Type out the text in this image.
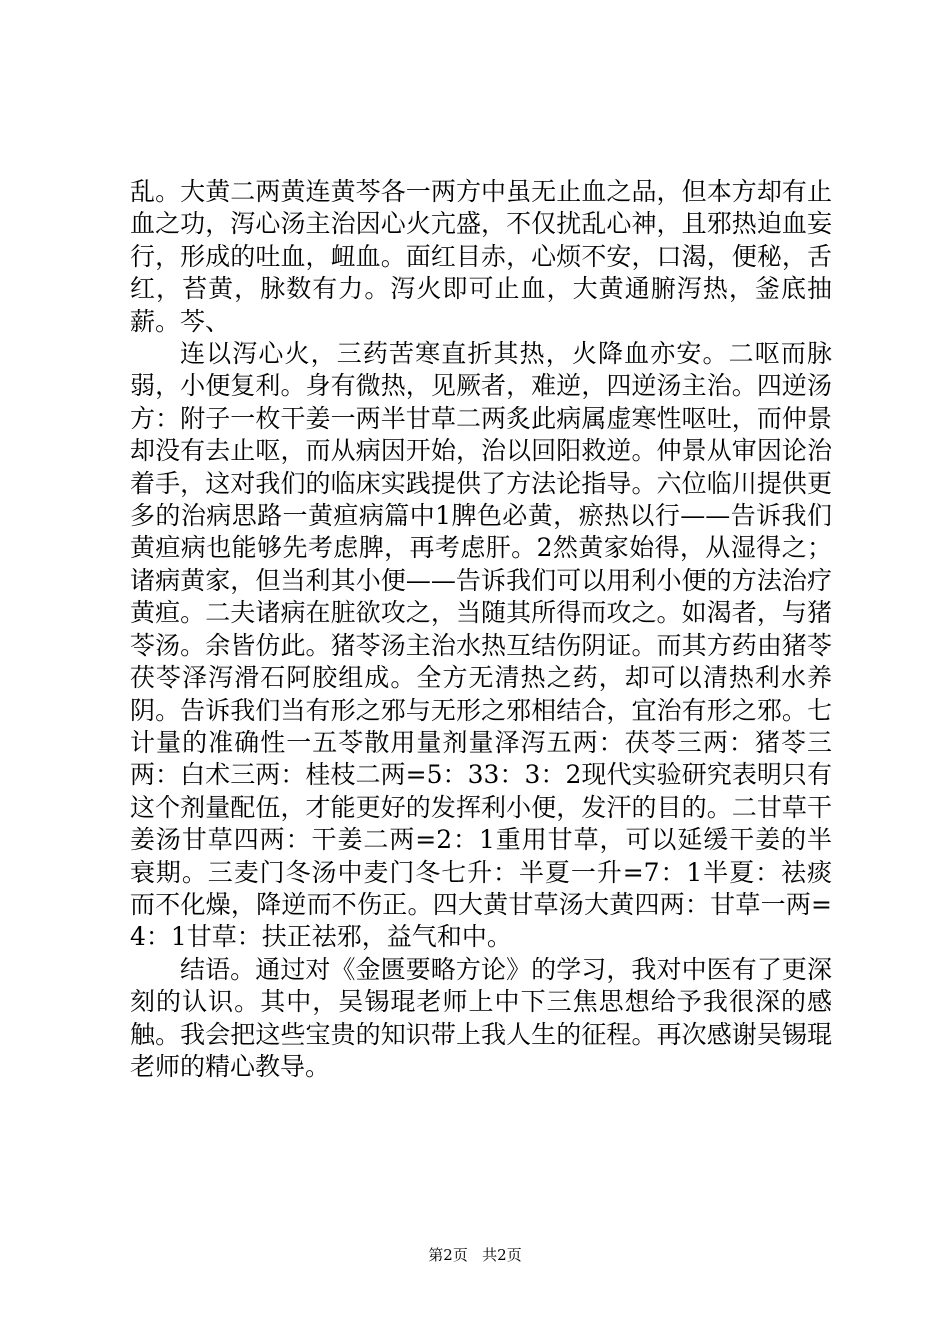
乱。大黄二两黄连黄芩各一两方中虽无止血之品，但本方却有止血之功，泻心汤主治因心火亢盛，不仅扰乱心神，且邪热迫血妄行，形成的吐血，衄血。面红目赤，心烦不安，口渴，便秘，舌红，苔黄，脉数有力。泻火即可止血，大黄通腑泻热，釜底抽薪。芩、

连以泻心火，三药苦寒直折其热，火降血亦安。二呕而脉弱，小便复利。身有微热，见厥者，难逆，四逆汤主治。四逆汤方：附子一枚干姜一两半甘草二两炙此病属虚寒性呕吐，而仲景却没有去止呕，而从病因开始，治以回阳救逆。仲景从审因论治着手，这对我们的临床实践提供了方法论指导。六位临川提供更多的治病思路一黄疸病篇中1脾色必黄，瘀热以行——告诉我们黄疸病也能够先考虑脾，再考虑肝。2然黄家始得，从湿得之；诸病黄家，但当利其小便——告诉我们可以用利小便的方法治疗黄疸。二夫诸病在脏欲攻之，当随其所得而攻之。如渴者，与猪苓汤。余皆仿此。猪苓汤主治水热互结伤阴证。而其方药由猪苓茯苓泽泻滑石阿胶组成。全方无清热之药，却可以清热利水养阴。告诉我们当有形之邪与无形之邪相结合，宜治有形之邪。七计量的准确性一五苓散用量剂量泽泻五两：茯苓三两：猪苓三两：白术三两：桂枝二两=5：33：3：2现代实验研究表明只有这个剂量配伍，才能更好的发挥利小便，发汗的目的。二甘草干姜汤甘草四两：干姜二两=2：1重用甘草，可以延缓干姜的半衰期。三麦门冬汤中麦门冬七升：半夏一升=7：1半夏：祛痰而不化燥，降逆而不伤正。四大黄甘草汤大黄四两：甘草一两=4：1甘草：扶正祛邪，益气和中。

结语。通过对《金匮要略方论》的学习，我对中医有了更深刻的认识。其中，吴锡琨老师上中下三焦思想给予我很深的感触。我会把这些宝贵的知识带上我人生的征程。再次感谢吴锡琨老师的精心教导。

第2页 共2页
